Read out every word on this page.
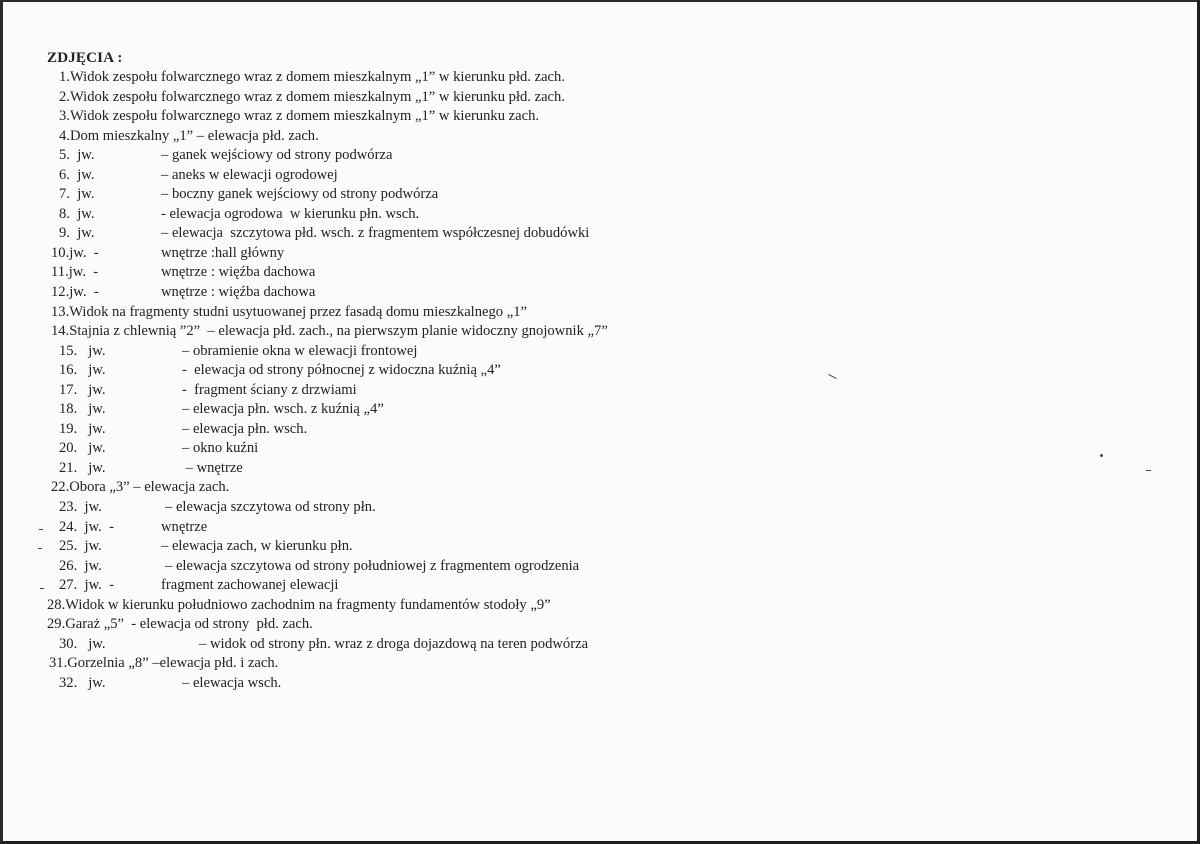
ZDJĘCIA :
1.Widok zespołu folwarcznego wraz z domem mieszkalnym „1” w kierunku płd. zach.
2.Widok zespołu folwarcznego wraz z domem mieszkalnym „1” w kierunku płd. zach.
3.Widok zespołu folwarcznego wraz z domem mieszkalnym „1” w kierunku zach.
4.Dom mieszkalny „1” – elewacja płd. zach.
5.  jw.	– ganek wejściowy od strony podwórza
6.  jw.	– aneks w elewacji ogrodowej
7.  jw.	– boczny ganek wejściowy od strony podwórza
8.  jw.	- elewacja ogrodowa  w kierunku płn. wsch.
9.  jw.	– elewacja  szczytowa płd. wsch. z fragmentem współczesnej dobudówki
10.jw.  -	wnętrze :hall główny
11.jw.  -	wnętrze : więźba dachowa
12.jw.  -	wnętrze : więźba dachowa
13.Widok na fragmenty studni usytuowanej przez fasadą domu mieszkalnego „1”
14.Stajnia z chlewnią ”2”  – elewacja płd. zach., na pierwszym planie widoczny gnojownik „7”
15.   jw.	– obramienie okna w elewacji frontowej
16.   jw.	-  elewacja od strony północnej z widoczna kuźnią „4”
17.   jw.	-  fragment ściany z drzwiami
18.   jw.	– elewacja płn. wsch. z kuźnią „4”
19.   jw.	– elewacja płn. wsch.
20.   jw.	– okno kuźni
21.   jw.	– wnętrze
22.Obora „3” – elewacja zach.
23.  jw.	– elewacja szczytowa od strony płn.
24.  jw.  -	wnętrze
25.  jw.	– elewacja zach, w kierunku płn.
26.  jw.	– elewacja szczytowa od strony południowej z fragmentem ogrodzenia
27.  jw.  -	fragment zachowanej elewacji
28.Widok w kierunku południowo zachodnim na fragmenty fundamentów stodoły „9”
29.Garaż „5”  - elewacja od strony  płd. zach.
30.   jw.	– widok od strony płn. wraz z droga dojazdową na teren podwórza
31.Gorzelnia „8” –elewacja płd. i zach.
32.   jw.	– elewacja wsch.
